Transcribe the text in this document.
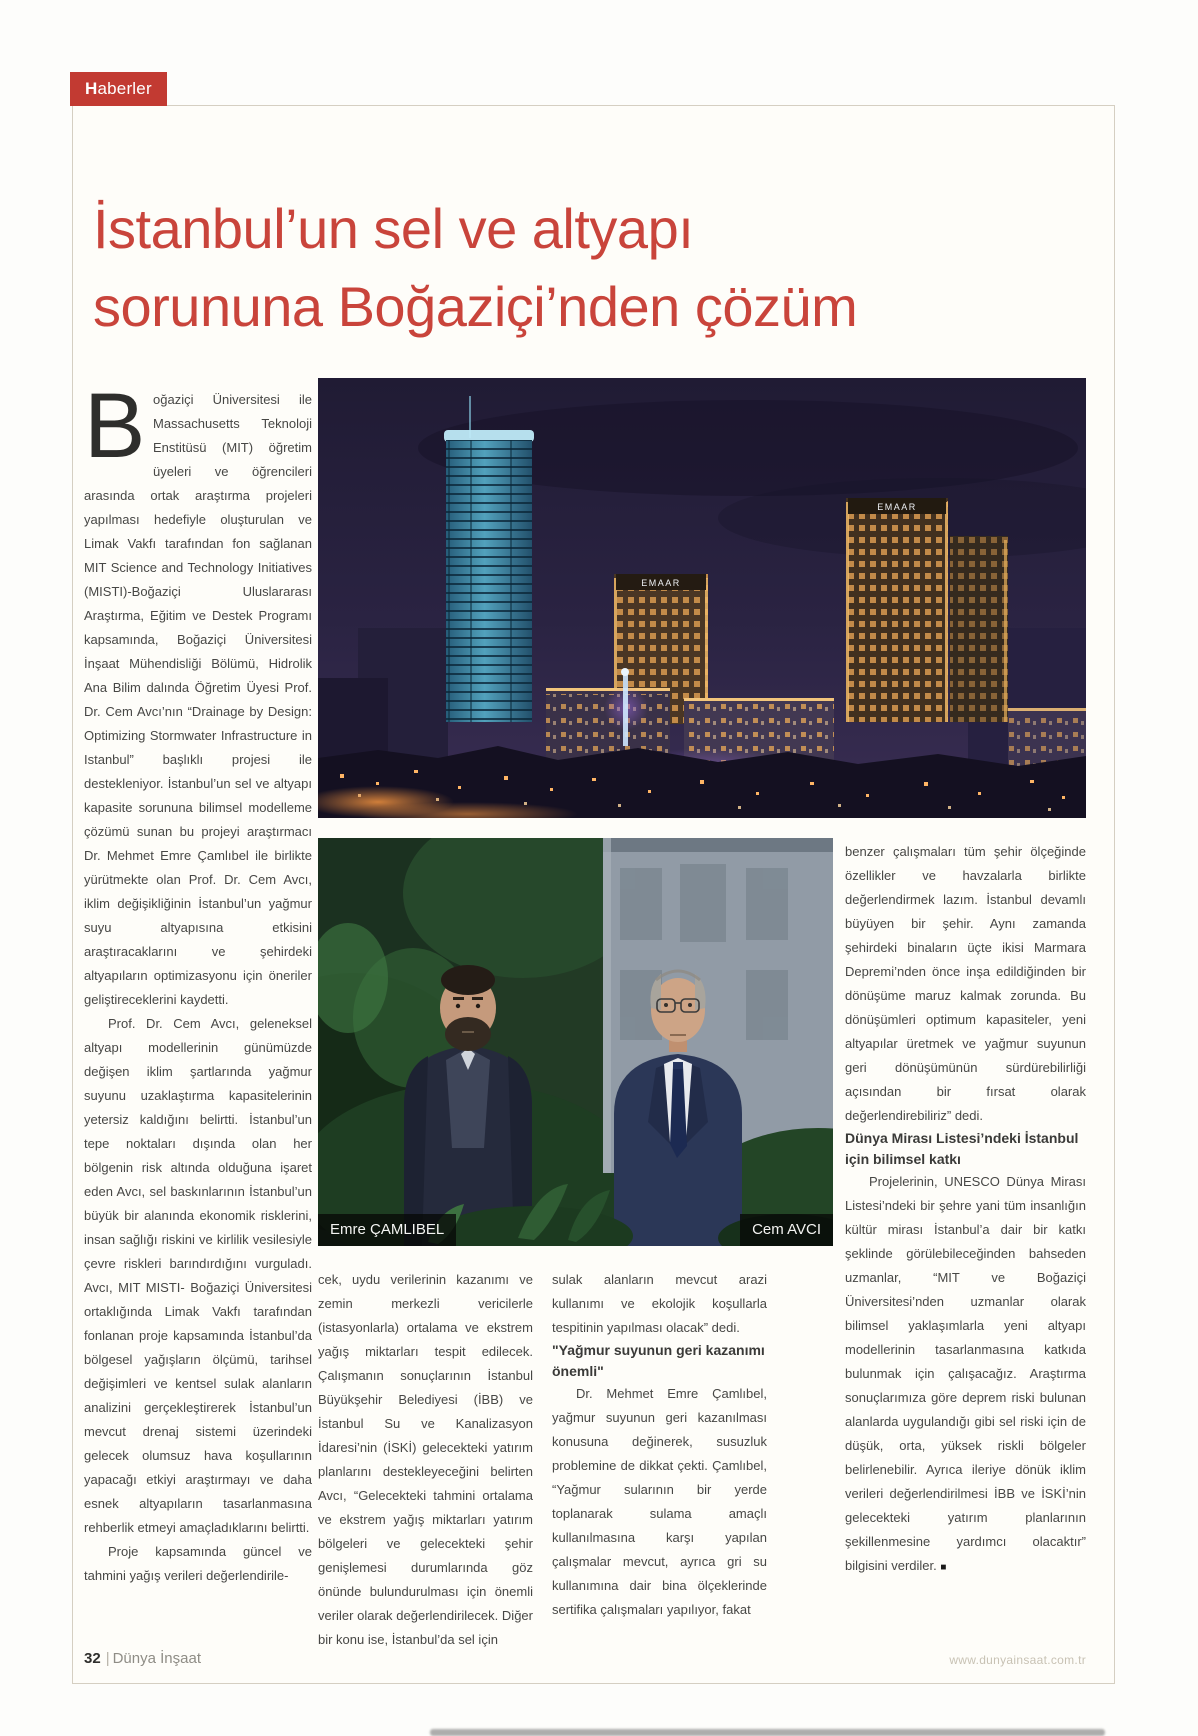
Haberler
İstanbul’un sel ve altyapı
sorununa Boğaziçi’nden çözüm
EMAAR
EMAAR
Emre ÇAMLIBEL	Cem AVCI

Boğaziçi Üniversitesi ile Massachusetts Teknoloji Enstitüsü (MIT) öğretim üyeleri ve öğrencileri arasında ortak araştırma projeleri yapılması hedefiyle oluşturulan ve Limak Vakfı tarafından fon sağlanan MIT Science and Technology Initiatives (MISTI)-Boğaziçi Uluslararası Araştırma, Eğitim ve Destek Programı kapsamında, Boğaziçi Üniversitesi İnşaat Mühendisliği Bölümü, Hidrolik Ana Bilim dalında Öğretim Üyesi Prof. Dr. Cem Avcı’nın “Drainage by Design: Optimizing Stormwater Infrastructure in Istanbul” başlıklı projesi ile destekleniyor. İstanbul’un sel ve altyapı kapasite sorununa bilimsel modelleme çözümü sunan bu projeyi araştırmacı Dr. Mehmet Emre Çamlıbel ile birlikte yürütmekte olan Prof. Dr. Cem Avcı, iklim değişikliğinin İstanbul’un yağmur suyu altyapısına etkisini araştıracaklarını ve şehirdeki altyapıların optimizasyonu için öneriler geliştireceklerini kaydetti.

Prof. Dr. Cem Avcı, geleneksel altyapı modellerinin günümüzde değişen iklim şartlarında yağmur suyunu uzaklaştırma kapasitelerinin yetersiz kaldığını belirtti. İstanbul’un tepe noktaları dışında olan her bölgenin risk altında olduğuna işaret eden Avcı, sel baskınlarının İstanbul’un büyük bir alanında ekonomik risklerini, insan sağlığı riskini ve kirlilik vesilesiyle çevre riskleri barındırdığını vurguladı. Avcı, MIT MISTI- Boğaziçi Üniversitesi ortaklığında Limak Vakfı tarafından fonlanan proje kapsamında İstanbul’da bölgesel yağışların ölçümü, tarihsel değişimleri ve kentsel sulak alanların analizini gerçekleştirerek İstanbul’un mevcut drenaj sistemi üzerindeki gelecek olumsuz hava koşullarının yapacağı etkiyi araştırmayı ve daha esnek altyapıların tasarlanmasına rehberlik etmeyi amaçladıklarını belirtti.

Proje kapsamında güncel ve tahmini yağış verileri değerlendirile-

cek, uydu verilerinin kazanımı ve zemin merkezli vericilerle (istasyonlarla) ortalama ve ekstrem yağış miktarları tespit edilecek. Çalışmanın sonuçlarının İstanbul Büyükşehir Belediyesi (İBB) ve İstanbul Su ve Kanalizasyon İdaresi’nin (İSKİ) gelecekteki yatırım planlarını destekleyeceğini belirten Avcı, “Gelecekteki tahmini ortalama ve ekstrem yağış miktarları yatırım bölgeleri ve gelecekteki şehir genişlemesi durumlarında göz önünde bulundurulması için önemli veriler olarak değerlendirilecek. Diğer bir konu ise, İstanbul’da sel için

sulak alanların mevcut arazi kullanımı ve ekolojik koşullarla tespitinin yapılması olacak” dedi.

"Yağmur suyunun geri kazanımı önemli"

Dr. Mehmet Emre Çamlıbel, yağmur suyunun geri kazanılması konusuna değinerek, susuzluk problemine de dikkat çekti. Çamlıbel, “Yağmur sularının bir yerde toplanarak sulama amaçlı kullanılmasına karşı yapılan çalışmalar mevcut, ayrıca gri su kullanımına dair bina ölçeklerinde sertifika çalışmaları yapılıyor, fakat

benzer çalışmaları tüm şehir ölçeğinde özellikler ve havzalarla birlikte değerlendirmek lazım. İstanbul devamlı büyüyen bir şehir. Aynı zamanda şehirdeki binaların üçte ikisi Marmara Depremi’nden önce inşa edildiğinden bir dönüşüme maruz kalmak zorunda. Bu dönüşümleri optimum kapasiteler, yeni altyapılar üretmek ve yağmur suyunun geri dönüşümünün sürdürebilirliği açısından bir fırsat olarak değerlendirebiliriz” dedi.

Dünya Mirası Listesi’ndeki İstanbul için bilimsel katkı

Projelerinin, UNESCO Dünya Mirası Listesi’ndeki bir şehre yani tüm insanlığın kültür mirası İstanbul’a dair bir katkı şeklinde görülebileceğinden bahseden uzmanlar, “MIT ve Boğaziçi Üniversitesi’nden uzmanlar olarak bilimsel yaklaşımlarla yeni altyapı modellerinin tasarlanmasına katkıda bulunmak için çalışacağız. Araştırma sonuçlarımıza göre deprem riski bulunan alanlarda uygulandığı gibi sel riski için de düşük, orta, yüksek riskli bölgeler belirlenebilir. Ayrıca ileriye dönük iklim verileri değerlendirilmesi İBB ve İSKİ’nin gelecekteki yatırım planlarının şekillenmesine yardımcı olacaktır” bilgisini verdiler. ■

32 | Dünya İnşaat	www.dunyainsaat.com.tr
